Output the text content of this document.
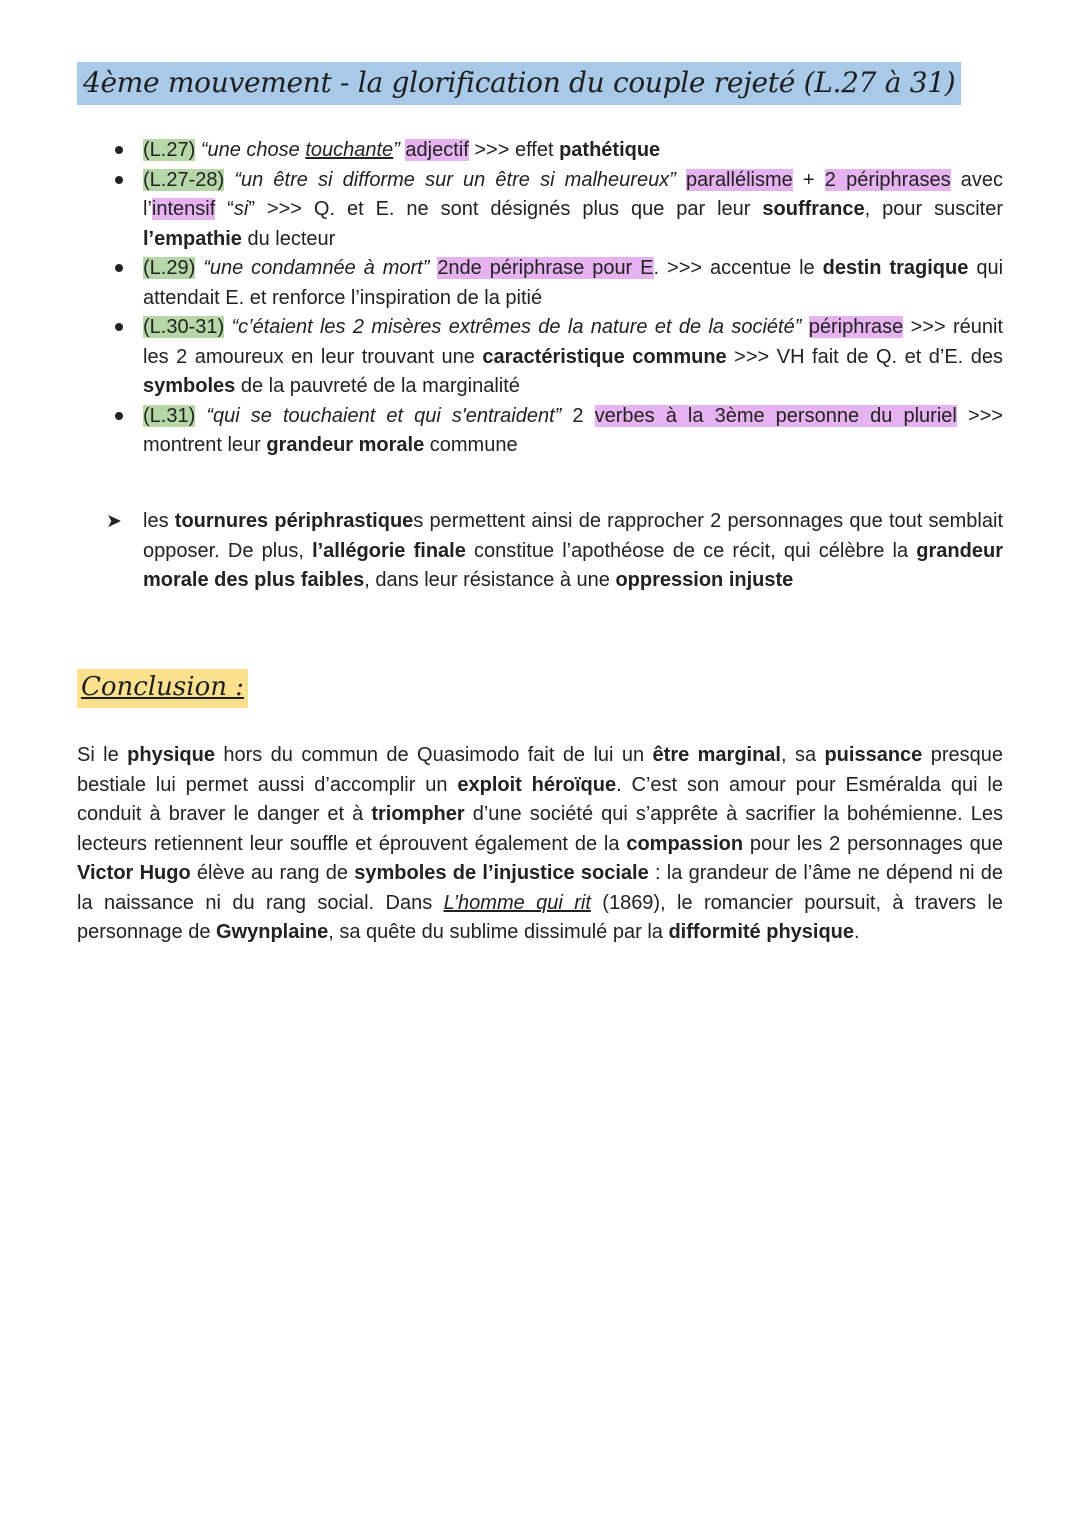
4ème mouvement - la glorification du couple rejeté (L.27 à 31)
(L.27) “une chose touchante” adjectif >>> effet pathétique
(L.27-28) “un être si difforme sur un être si malheureux” parallélisme + 2 périphrases avec l’intensif “si” >>> Q. et E. ne sont désignés plus que par leur souffrance, pour susciter l’empathie du lecteur
(L.29) “une condamnée à mort” 2nde périphrase pour E. >>> accentue le destin tragique qui attendait E. et renforce l’inspiration de la pitié
(L.30-31) “c’étaient les 2 misères extrêmes de la nature et de la société” périphrase >>> réunit les 2 amoureux en leur trouvant une caractéristique commune >>> VH fait de Q. et d’E. des symboles de la pauvreté de la marginalité
(L.31) “qui se touchaient et qui s'entraident” 2 verbes à la 3ème personne du pluriel >>> montrent leur grandeur morale commune
➤ les tournures périphrastiques permettent ainsi de rapprocher 2 personnages que tout semblait opposer. De plus, l’allégorie finale constitue l’apothéose de ce récit, qui célèbre la grandeur morale des plus faibles, dans leur résistance à une oppression injuste
Conclusion :
Si le physique hors du commun de Quasimodo fait de lui un être marginal, sa puissance presque bestiale lui permet aussi d’accomplir un exploit héroïque. C’est son amour pour Esméralda qui le conduit à braver le danger et à triompher d’une société qui s’apprête à sacrifier la bohémienne. Les lecteurs retiennent leur souffle et éprouvent également de la compassion pour les 2 personnages que Victor Hugo élève au rang de symboles de l’injustice sociale : la grandeur de l’âme ne dépend ni de la naissance ni du rang social. Dans L’homme qui rit (1869), le romancier poursuit, à travers le personnage de Gwynplaine, sa quête du sublime dissimulé par la difformité physique.
